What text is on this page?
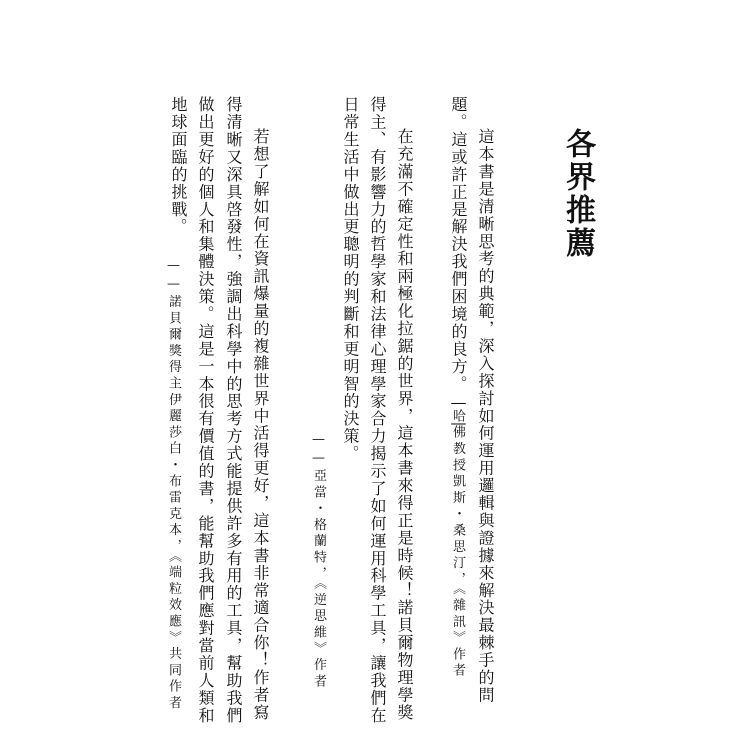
各界推薦

這本書是清晰思考的典範，深入探討如何運用邏輯與證據來解決最棘手的問

題。這或許正是解決我們困境的良方。——

哈佛教授凱斯・桑思汀，《雜訊》作者

在充滿不確定性和兩極化拉鋸的世界，這本書來得正是時候！諾貝爾物理學獎

得主、有影響力的哲學家和法律心理學家合力揭示了如何運用科學工具，讓我們在

日常生活中做出更聰明的判斷和更明智的決策。

——亞當・格蘭特，《逆思維》作者

若想了解如何在資訊爆量的複雜世界中活得更好，這本書非常適合你！作者寫

得清晰又深具啓發性，強調出科學中的思考方式能提供許多有用的工具，幫助我們

做出更好的個人和集體決策。這是一本很有價值的書，能幫助我們應對當前人類和

地球面臨的挑戰。

——諾貝爾獎得主伊麗莎白・布雷克本，《端粒效應》共同作者
